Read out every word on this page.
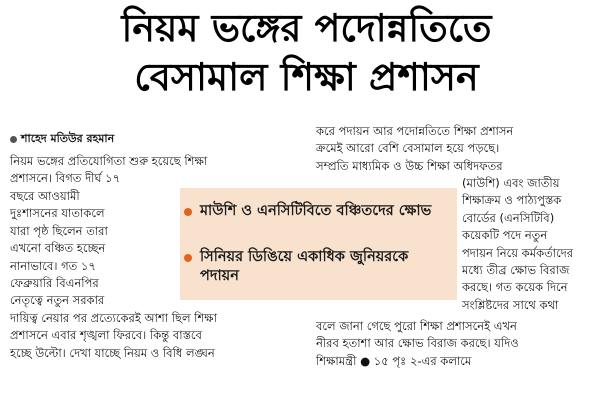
নিয়ম ভঙ্গের পদোন্নতিতে
বেসামাল শিক্ষা প্রশাসন
শাহেদ মতিউর রহমান

নিয়ম ভঙ্গের প্রতিযোগিতা শুরু হয়েছে শিক্ষা

প্রশাসনে। বিগত দীর্ঘ ১৭

বছরে আওয়ামী

দুঃশাসনের যাতাকলে

যারা পৃষ্ঠ ছিলেন তারা

এখনো বঞ্চিত হচ্ছেন

নানাভাবে। গত ১৭

ফেব্রুয়ারি বিএনপির

নেতৃত্বে নতুন সরকার

দায়িত্ব নেয়ার পর প্রত্যেকেরই আশা ছিল শিক্ষা

প্রশাসনে এবার শৃঙ্খলা ফিরবে। কিন্তু বাস্তবে

হচ্ছে উল্টো। দেখা যাচ্ছে নিয়ম ও বিধি লঙ্ঘন

করে পদায়ন আর পদোন্নতিতে শিক্ষা প্রশাসন

ক্রমেই আরো বেশি বেসামাল হয়ে পড়ছে।

সম্প্রতি মাধ্যমিক ও উচ্চ শিক্ষা অধিদফতর

(মাউশি) এবং জাতীয়

শিক্ষাক্রম ও পাঠ্যপুস্তক

বোর্ডের (এনসিটিবি)

কয়েকটি পদে নতুন

পদায়ন নিয়ে কর্মকর্তাদের

মধ্যে তীব্র ক্ষোভ বিরাজ

করছে। গত কয়েক দিনে

সংশ্লিষ্টদের সাথে কথা

বলে জানা গেছে পুরো শিক্ষা প্রশাসনেই এখন

নীরব হতাশা আর ক্ষোভ বিরাজ করছে। যদিও

শিক্ষামন্ত্রী ● ১৫ পৃঃ ২-এর কলামে

মাউশি ও এনসিটিবিতে বঞ্চিতদের ক্ষোভ
সিনিয়র ডিঙিয়ে একাধিক জুনিয়রকে পদায়ন
